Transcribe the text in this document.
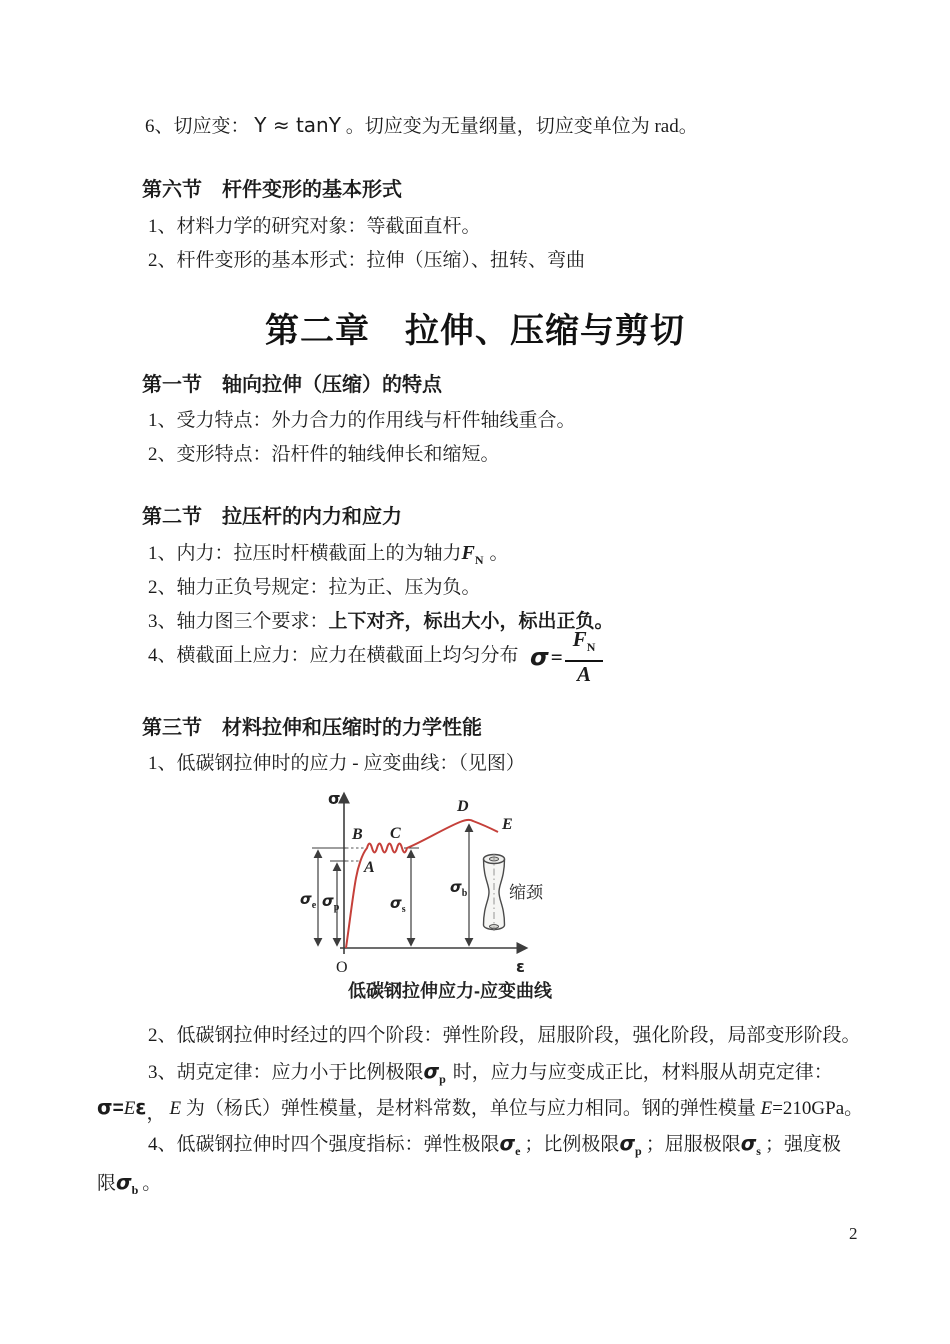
6、切应变： Υ ≈ tanΥ 。切应变为无量纲量，切应变单位为 rad。
第六节　杆件变形的基本形式
1、材料力学的研究对象：等截面直杆。
2、杆件变形的基本形式：拉伸（压缩）、扭转、弯曲
第二章　拉伸、压缩与剪切
第一节　轴向拉伸（压缩）的特点
1、受力特点：外力合力的作用线与杆件轴线重合。
2、变形特点：沿杆件的轴线伸长和缩短。
第二节　拉压杆的内力和应力
1、内力：拉压时杆横截面上的为轴力$F_N$ 。
2、轴力正负号规定：拉为正、压为负。
3、轴力图三个要求：上下对齐，标出大小，标出正负。
4、横截面上应力：应力在横截面上均匀分布 $\sigma = \frac{F_N}{A}$
第三节　材料拉伸和压缩时的力学性能
1、低碳钢拉伸时的应力 - 应变曲线：（见图）
σ
ε
O
A
B C
D
E
$\sigma_e$ $\sigma_p$	$\sigma_s$
$\sigma_b$ 缩颈
低碳钢拉伸应力-应变曲线
2、低碳钢拉伸时经过的四个阶段：弹性阶段，屈服阶段，强化阶段，局部变形阶段。
3、胡克定律：应力小于比例极限$\sigma_p$ 时，应力与应变成正比，材料服从胡克定律：
σ=Eε， E 为（杨氏）弹性模量，是材料常数，单位与应力相同。钢的弹性模量 E=210GPa。
4、低碳钢拉伸时四个强度指标：弹性极限$\sigma_e$ ；比例极限$\sigma_p$ ；屈服极限$\sigma_s$ ；强度极
限$\sigma_b$ 。
2
